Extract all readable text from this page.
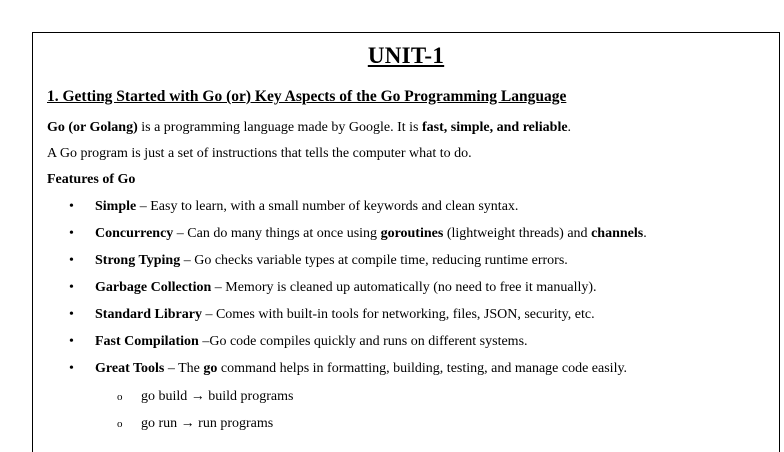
UNIT-1
1. Getting Started with Go (or) Key Aspects of the Go Programming Language
Go (or Golang) is a programming language made by Google. It is fast, simple, and reliable.
A Go program is just a set of instructions that tells the computer what to do.
Features of Go
• Simple – Easy to learn, with a small number of keywords and clean syntax.
• Concurrency – Can do many things at once using goroutines (lightweight threads) and channels.
• Strong Typing – Go checks variable types at compile time, reducing runtime errors.
• Garbage Collection – Memory is cleaned up automatically (no need to free it manually).
• Standard Library – Comes with built-in tools for networking, files, JSON, security, etc.
• Fast Compilation –Go code compiles quickly and runs on different systems.
• Great Tools – The go command helps in formatting, building, testing, and manage code easily.
o go build → build programs
o go run → run programs
